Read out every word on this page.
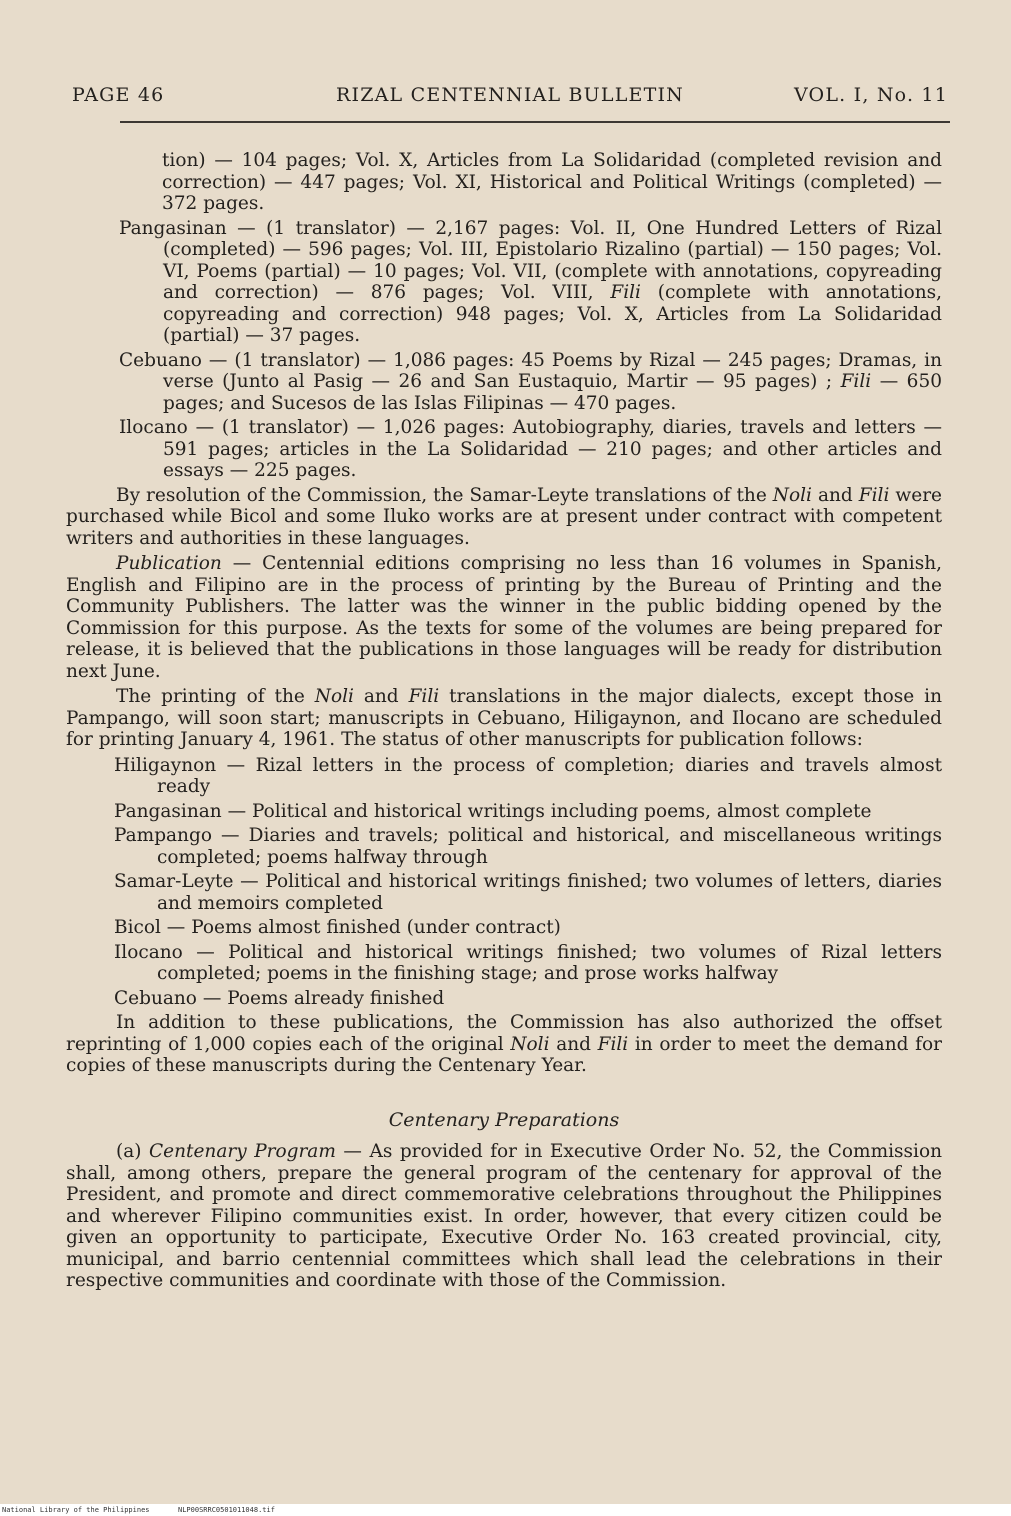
PAGE 46	RIZAL CENTENNIAL BULLETIN	VOL. I, No. 11

tion) — 104 pages; Vol. X, Articles from La Solidaridad (completed revision and correction) — 447 pages; Vol. XI, Historical and Political Writings (completed) — 372 pages.

Pangasinan — (1 translator) — 2,167 pages: Vol. II, One Hundred Letters of Rizal (completed) — 596 pages; Vol. III, Epistolario Rizalino (partial) — 150 pages; Vol. VI, Poems (partial) — 10 pages; Vol. VII, (complete with annotations, copyreading and correction) — 876 pages; Vol. VIII, Fili (complete with annotations, copyreading and correction) 948 pages; Vol. X, Articles from La Solidaridad (partial) — 37 pages.

Cebuano — (1 translator) — 1,086 pages: 45 Poems by Rizal — 245 pages; Dramas, in verse (Junto al Pasig — 26 and San Eustaquio, Martir — 95 pages) ; Fili — 650 pages; and Sucesos de las Islas Filipinas — 470 pages.

Ilocano — (1 translator) — 1,026 pages: Autobiography, diaries, travels and letters — 591 pages; articles in the La Solidaridad — 210 pages; and other articles and essays — 225 pages.

By resolution of the Commission, the Samar-Leyte translations of the Noli and Fili were purchased while Bicol and some Iluko works are at present under contract with competent writers and authorities in these languages.

Publication — Centennial editions comprising no less than 16 volumes in Spanish, English and Filipino are in the process of printing by the Bureau of Printing and the Community Publishers. The latter was the winner in the public bidding opened by the Commission for this purpose. As the texts for some of the volumes are being prepared for release, it is believed that the publications in those languages will be ready for distribution next June.

The printing of the Noli and Fili translations in the major dialects, except those in Pampango, will soon start; manuscripts in Cebuano, Hiligaynon, and Ilocano are scheduled for printing January 4, 1961. The status of other manuscripts for publication follows:

Hiligaynon — Rizal letters in the process of completion; diaries and travels almost ready

Pangasinan — Political and historical writings including poems, almost complete

Pampango — Diaries and travels; political and historical, and miscellaneous writings completed; poems halfway through

Samar-Leyte — Political and historical writings finished; two volumes of letters, diaries and memoirs completed

Bicol — Poems almost finished (under contract)

Ilocano — Political and historical writings finished; two volumes of Rizal letters completed; poems in the finishing stage; and prose works halfway

Cebuano — Poems already finished

In addition to these publications, the Commission has also authorized the offset reprinting of 1,000 copies each of the original Noli and Fili in order to meet the demand for copies of these manuscripts during the Centenary Year.

Centenary Preparations

(a) Centenary Program — As provided for in Executive Order No. 52, the Commission shall, among others, prepare the general program of the centenary for approval of the President, and promote and direct commemorative celebrations throughout the Philippines and wherever Filipino communities exist. In order, however, that every citizen could be given an opportunity to participate, Executive Order No. 163 created provincial, city, municipal, and barrio centennial committees which shall lead the celebrations in their respective communities and coordinate with those of the Commission.

National Library of the Philippines	NLP00SRRC0501011048.tif
